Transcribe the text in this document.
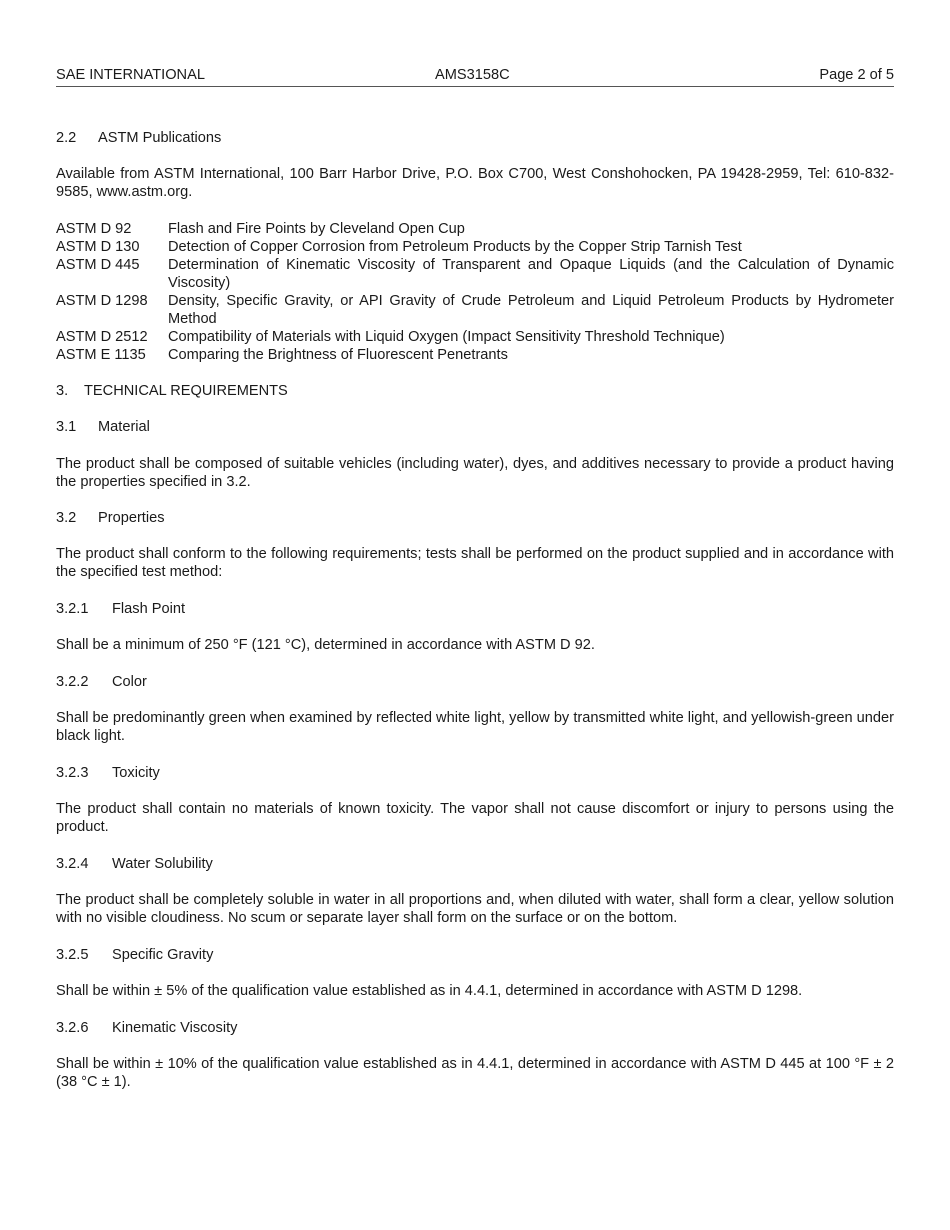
SAE INTERNATIONAL	AMS3158C	Page 2 of 5
2.2 ASTM Publications
Available from ASTM International, 100 Barr Harbor Drive, P.O. Box C700, West Conshohocken, PA 19428-2959, Tel: 610-832-9585, www.astm.org.
ASTM D 92	Flash and Fire Points by Cleveland Open Cup
ASTM D 130	Detection of Copper Corrosion from Petroleum Products by the Copper Strip Tarnish Test
ASTM D 445	Determination of Kinematic Viscosity of Transparent and Opaque Liquids (and the Calculation of Dynamic Viscosity)
ASTM D 1298	Density, Specific Gravity, or API Gravity of Crude Petroleum and Liquid Petroleum Products by Hydrometer Method
ASTM D 2512	Compatibility of Materials with Liquid Oxygen (Impact Sensitivity Threshold Technique)
ASTM E 1135	Comparing the Brightness of Fluorescent Penetrants
3. TECHNICAL REQUIREMENTS
3.1 Material
The product shall be composed of suitable vehicles (including water), dyes, and additives necessary to provide a product having the properties specified in 3.2.
3.2 Properties
The product shall conform to the following requirements; tests shall be performed on the product supplied and in accordance with the specified test method:
3.2.1 Flash Point
Shall be a minimum of 250 °F (121 °C), determined in accordance with ASTM D 92.
3.2.2 Color
Shall be predominantly green when examined by reflected white light, yellow by transmitted white light, and yellowish-green under black light.
3.2.3 Toxicity
The product shall contain no materials of known toxicity. The vapor shall not cause discomfort or injury to persons using the product.
3.2.4 Water Solubility
The product shall be completely soluble in water in all proportions and, when diluted with water, shall form a clear, yellow solution with no visible cloudiness. No scum or separate layer shall form on the surface or on the bottom.
3.2.5 Specific Gravity
Shall be within ± 5% of the qualification value established as in 4.4.1, determined in accordance with ASTM D 1298.
3.2.6 Kinematic Viscosity
Shall be within ± 10% of the qualification value established as in 4.4.1, determined in accordance with ASTM D 445 at 100 °F ± 2 (38 °C ± 1).
